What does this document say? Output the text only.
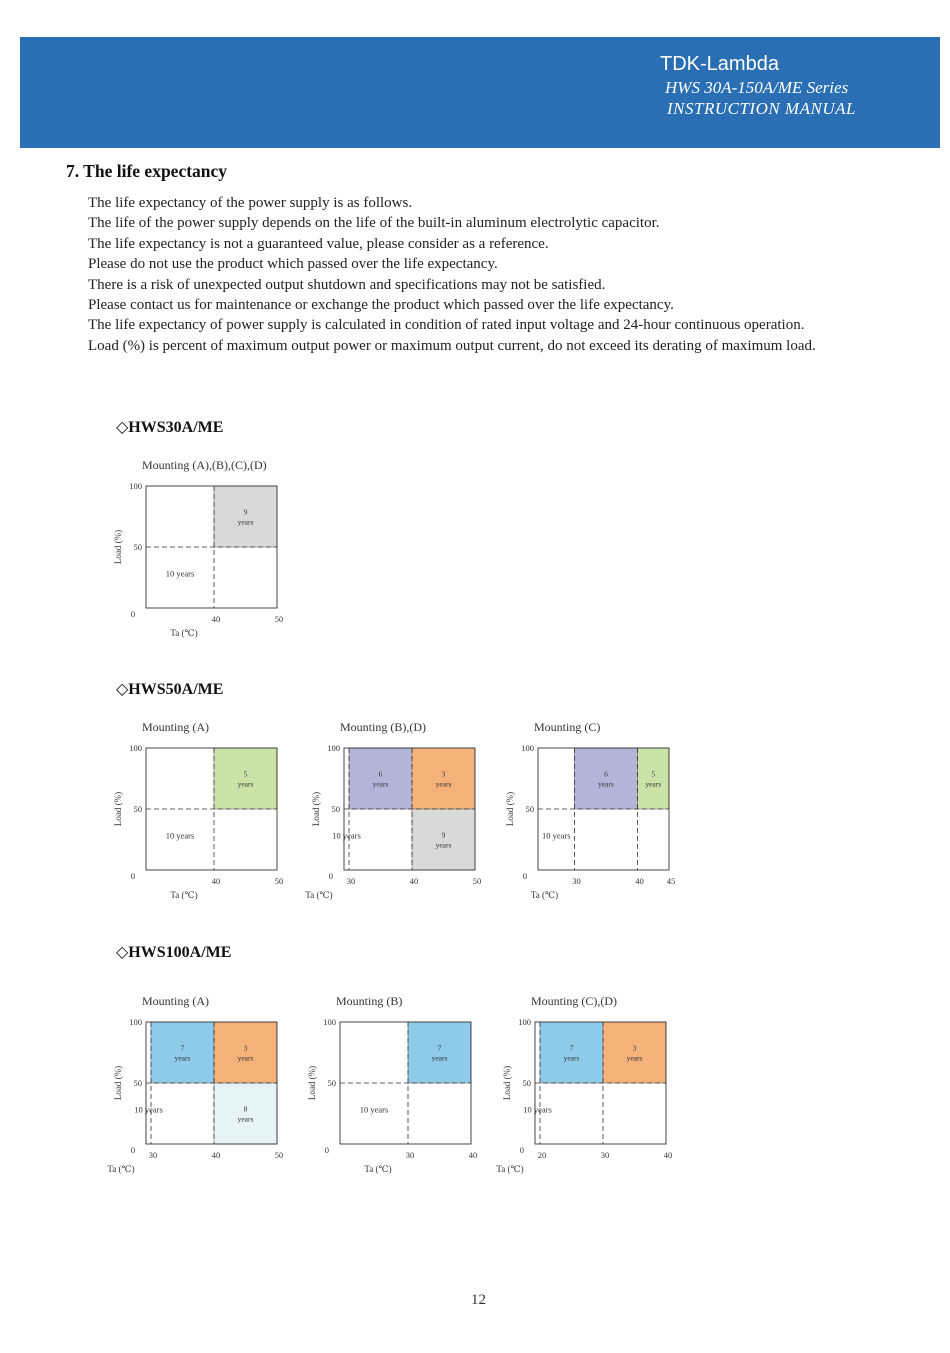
TDK-Lambda
HWS 30A-150A/ME Series
INSTRUCTION MANUAL
7. The life expectancy

The life expectancy of the power supply is as follows.

The life of the power supply depends on the life of the built-in aluminum electrolytic capacitor.

The life expectancy is not a guaranteed value, please consider as a reference.

Please do not use the product which passed over the life expectancy.

There is a risk of unexpected output shutdown and specifications may not be satisfied.

Please contact us for maintenance or exchange the product which passed over the life expectancy.

The life expectancy of power supply is calculated in condition of rated input voltage and 24-hour continuous operation.

Load (%) is percent of maximum output power or maximum output current, do not exceed its derating of maximum load.

◇HWS30A/ME
◇HWS50A/ME
◇HWS100A/ME
Mounting (A),(B),(C),(D)
9
years
10 years
50
100
0	40	50
Ta (℃)
Load (%)
Mounting (A)
5
years
10 years
50
100
0	40	50
Ta (℃)
Load (%)
Mounting (B),(D)
6
years
3
years
9
years
10 years
50
100
0 30	40	50
Ta (℃)
Load (%)
Mounting (C)
6
years
5
years
10 years
50
100
0	30	40	45
Ta (℃)
Load (%)
Mounting (A)
7
years
3
years
8
years
10 years
50
100
0 30	40	50
Ta (℃)
Load (%)
Mounting (B)
7
years
10 years
50
100
0	30	40
Ta (℃)
Load (%)
Mounting (C),(D)
7
years
3
years
10 years
50
100
0 20	30	40
Ta (℃)
Load (%)
12
